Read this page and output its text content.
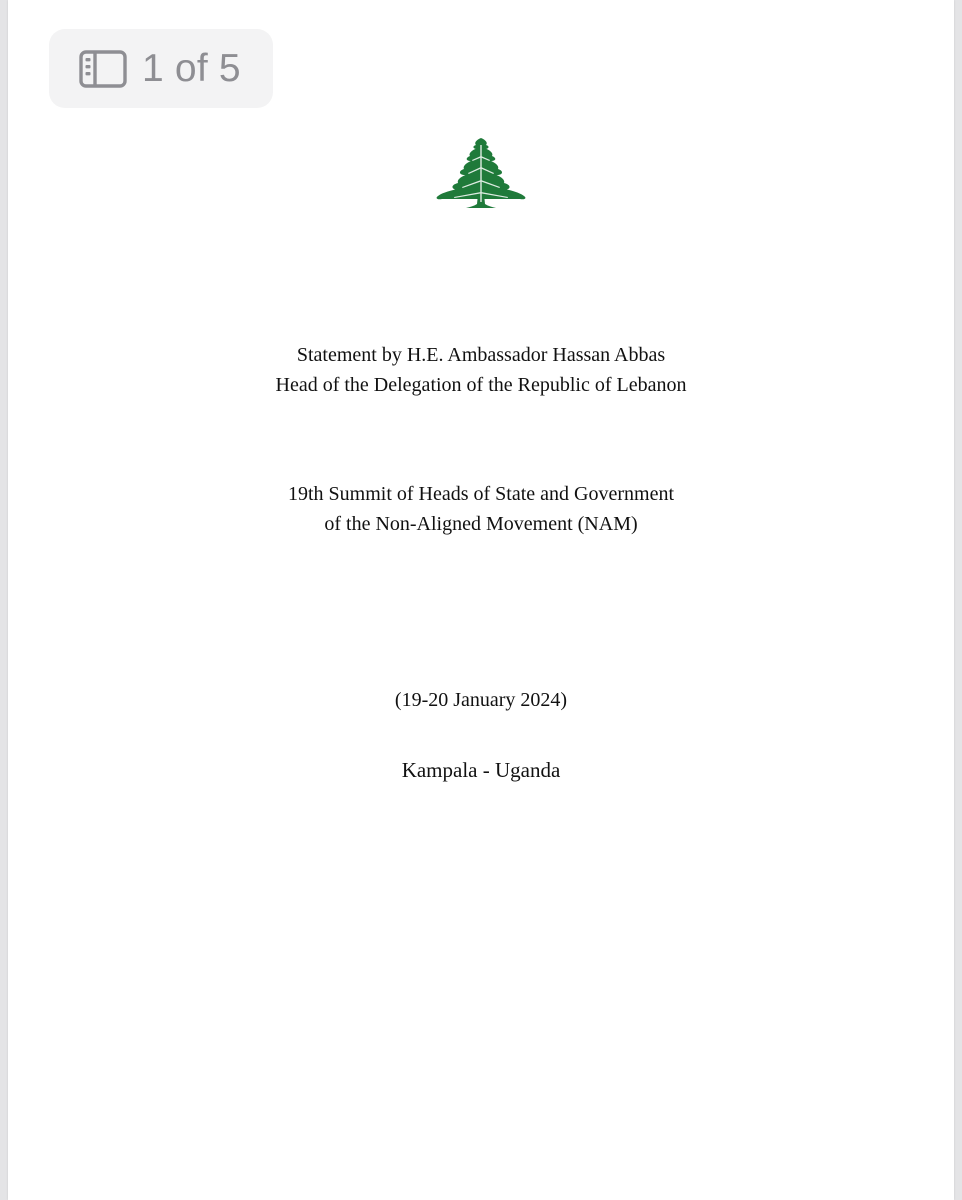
1 of 5

Statement by H.E. Ambassador Hassan Abbas
Head of the Delegation of the Republic of Lebanon

19th Summit of Heads of State and Government
of the Non-Aligned Movement (NAM)

(19-20 January 2024)

Kampala - Uganda
